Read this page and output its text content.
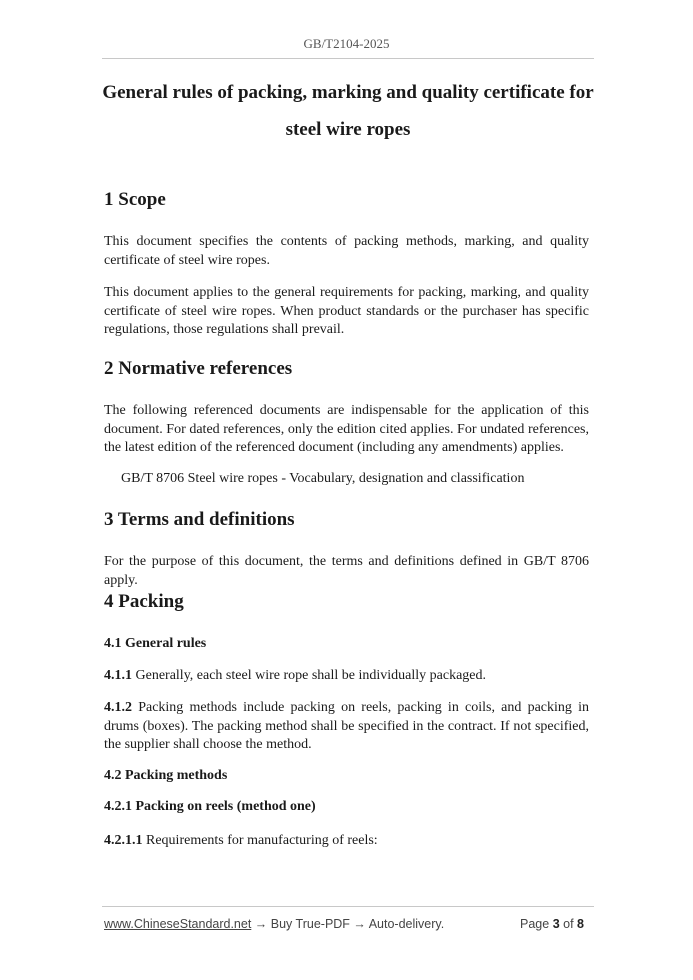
GB/T2104-2025
General rules of packing, marking and quality certificate for
steel wire ropes
1 Scope

This document specifies the contents of packing methods, marking, and quality certificate of steel wire ropes.

This document applies to the general requirements for packing, marking, and quality certificate of steel wire ropes. When product standards or the purchaser has specific regulations, those regulations shall prevail.

2 Normative references

The following referenced documents are indispensable for the application of this document. For dated references, only the edition cited applies. For undated references, the latest edition of the referenced document (including any amendments) applies.

GB/T 8706 Steel wire ropes - Vocabulary, designation and classification

3 Terms and definitions

For the purpose of this document, the terms and definitions defined in GB/T 8706 apply.

4 Packing
4.1 General rules

4.1.1 Generally, each steel wire rope shall be individually packaged.

4.1.2 Packing methods include packing on reels, packing in coils, and packing in drums (boxes). The packing method shall be specified in the contract. If not specified, the supplier shall choose the method.

4.2 Packing methods
4.2.1 Packing on reels (method one)

4.2.1.1 Requirements for manufacturing of reels:

www.ChineseStandard.net → Buy True-PDF → Auto-delivery.	Page 3 of 8
